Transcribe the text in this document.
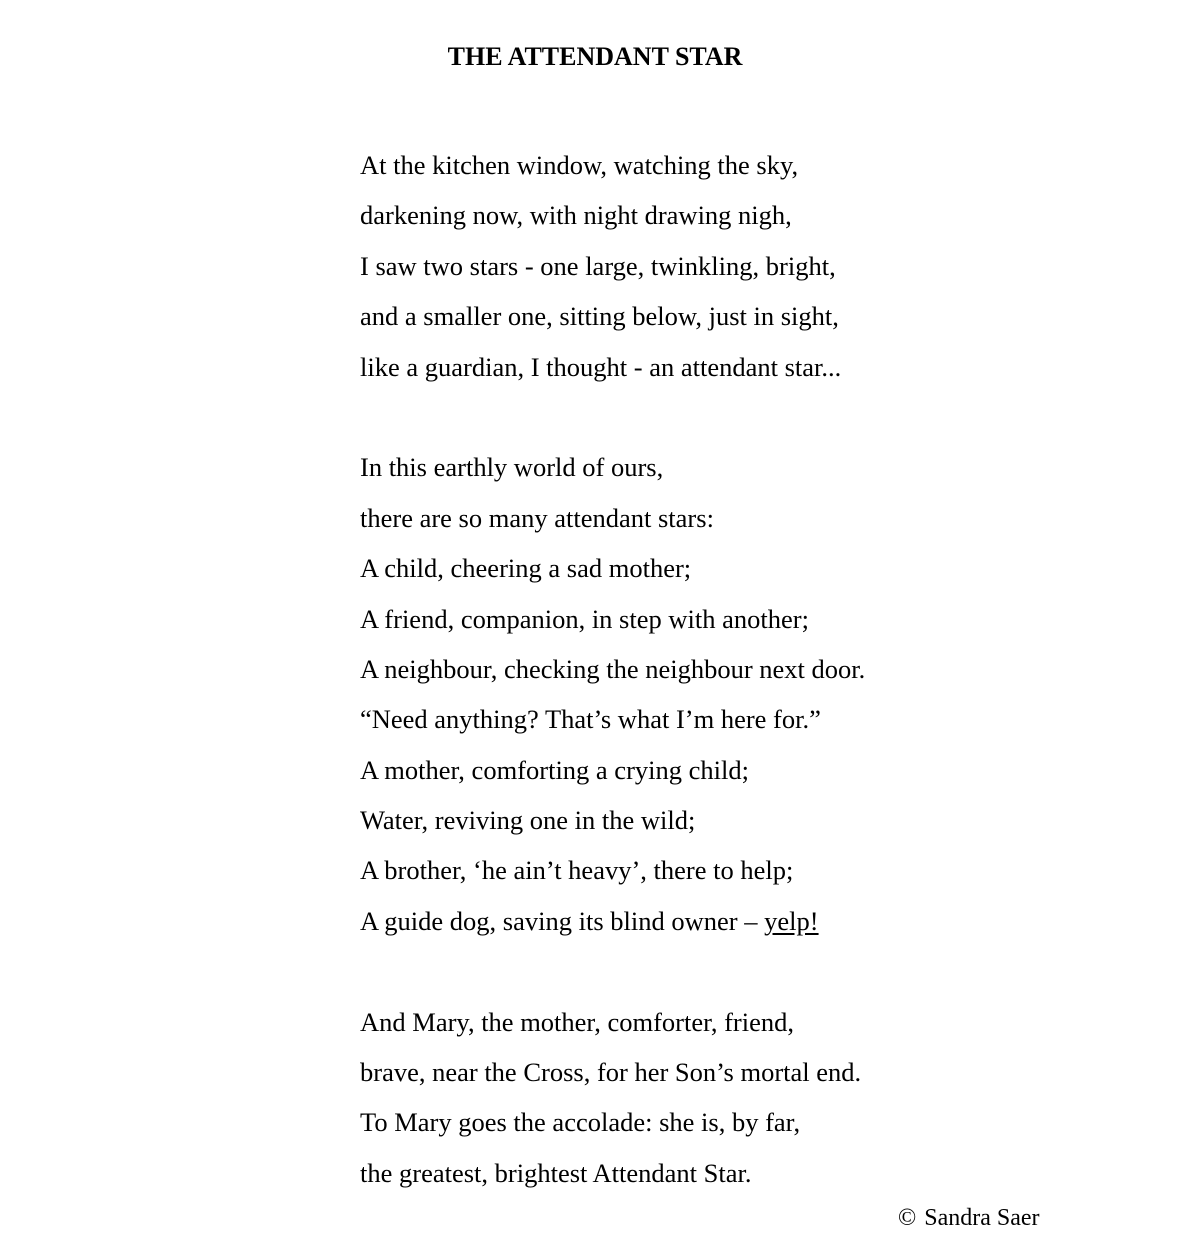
THE ATTENDANT STAR
At the kitchen window, watching the sky,
darkening now, with night drawing nigh,
I saw two stars - one large, twinkling, bright,
and a smaller one, sitting below, just in sight,
like a guardian, I thought - an attendant star...
In this earthly world of ours,
there are so many attendant stars:
A child, cheering a sad mother;
A friend, companion, in step with another;
A neighbour, checking the neighbour next door.
“Need anything? That’s what I’m here for.”
A mother, comforting a crying child;
Water, reviving one in the wild;
A brother, ‘he ain’t heavy’, there to help;
A guide dog, saving its blind owner – yelp!
And Mary, the mother, comforter, friend,
brave, near the Cross, for her Son’s mortal end.
To Mary goes the accolade: she is, by far,
the greatest, brightest Attendant Star.
© Sandra Saer
